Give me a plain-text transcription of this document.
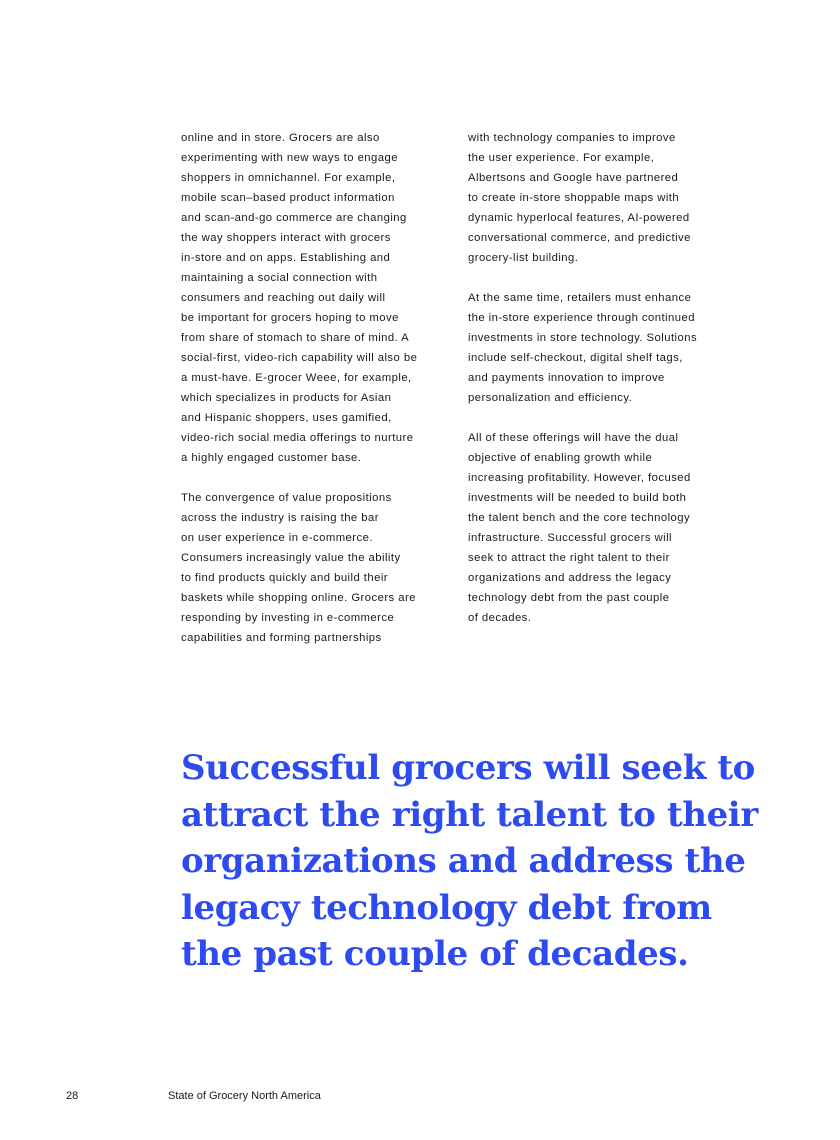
online and in store. Grocers are also
experimenting with new ways to engage
shoppers in omnichannel. For example,
mobile scan–based product information
and scan-and-go commerce are changing
the way shoppers interact with grocers
in-store and on apps. Establishing and
maintaining a social connection with
consumers and reaching out daily will
be important for grocers hoping to move
from share of stomach to share of mind. A
social-first, video-rich capability will also be
a must-have. E-grocer Weee, for example,
which specializes in products for Asian
and Hispanic shoppers, uses gamified,
video-rich social media offerings to nurture
a highly engaged customer base.
The convergence of value propositions
across the industry is raising the bar
on user experience in e-commerce.
Consumers increasingly value the ability
to find products quickly and build their
baskets while shopping online. Grocers are
responding by investing in e-commerce
capabilities and forming partnerships
with technology companies to improve
the user experience. For example,
Albertsons and Google have partnered
to create in-store shoppable maps with
dynamic hyperlocal features, AI-powered
conversational commerce, and predictive
grocery-list building.
At the same time, retailers must enhance
the in-store experience through continued
investments in store technology. Solutions
include self-checkout, digital shelf tags,
and payments innovation to improve
personalization and efficiency.
All of these offerings will have the dual
objective of enabling growth while
increasing profitability. However, focused
investments will be needed to build both
the talent bench and the core technology
infrastructure. Successful grocers will
seek to attract the right talent to their
organizations and address the legacy
technology debt from the past couple
of decades.
Successful grocers will seek to
attract the right talent to their
organizations and address the
legacy technology debt from
the past couple of decades.
28	State of Grocery North America
